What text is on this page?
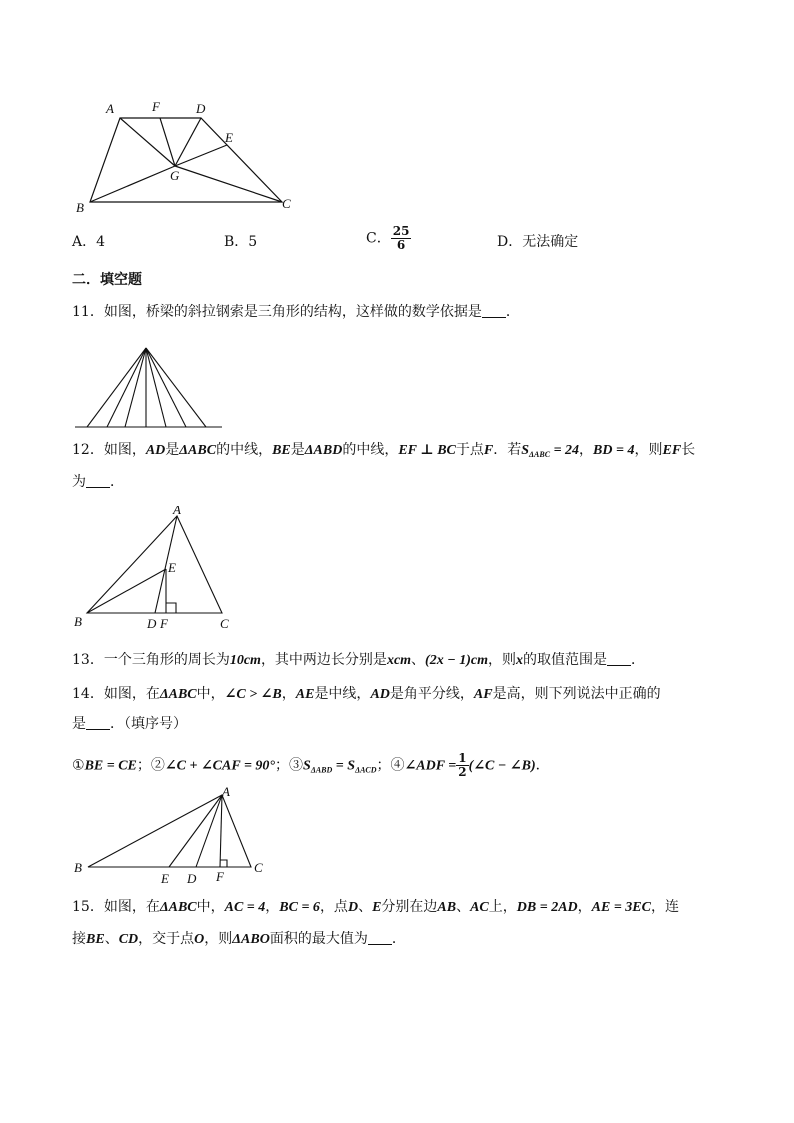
A	F	D
E
G
B	C
A．4	B．5	C． $\frac{25}{6}$	D．无法确定
二．填空题
11．如图，桥梁的斜拉钢索是三角形的结构，这样做的数学依据是 ．
12．如图，AD是ΔABC的中线，BE是ΔABD的中线，EF ⊥ BC于点F．若$S_{\Delta ABC} = 24$，BD = 4，则EF长
为 ．
A
E
B	D F	C
13．一个三角形的周长为10cm，其中两边长分别是xcm、(2x − 1)cm，则x的取值范围是 ．
14．如图，在ΔABC中，∠C > ∠B，AE是中线，AD是角平分线，AF是高，则下列说法中正确的
是 ．（填序号）
①BE = CE；②∠C + ∠CAF = 90°；$③S_{\Delta ABD} = S_{\Delta ACD}$；④∠ADF = $\frac{1}{2}$ (∠C − ∠B)．
A
B
E D F
C
15．如图，在ΔABC中，AC = 4，BC = 6，点D、E分别在边AB、AC上，DB = 2AD，AE = 3EC，连
接BE、CD，交于点O，则ΔABO面积的最大值为 ．
